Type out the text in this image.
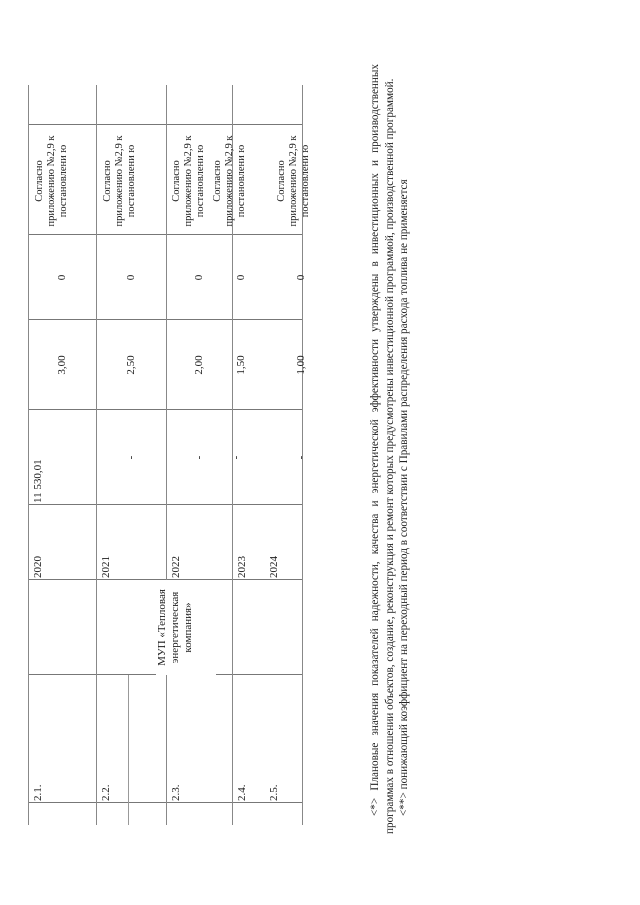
2.1.
2020
11 530,01
3,00
0
Согласно приложению №2,9 к постановлени ю
2.2.
2021
-
2,50
0
Согласно приложению №2,9 к постановлени ю
2.3.
2022
-
2,00
0
Согласно приложению №2,9 к постановлени ю
2.4.
2023
-
1,50
0
Согласно приложению №2,9 к постановлени ю
2.5.
2024
-
1,00
0
Согласно приложению №2,9 к постановлени ю
МУП «Тепловая энергетическая компания»	<*> Плановые значения показателей надежности, качества и энергетической эффективности утверждены в инвестиционных и производственных программах в отношении объектов, создание, реконструкция и ремонт которых предусмотрены инвестиционной программой, производственной программой. <**> понижающий коэффициент на переходный период в соответствии с Правилами распределения расхода топлива не применяется
